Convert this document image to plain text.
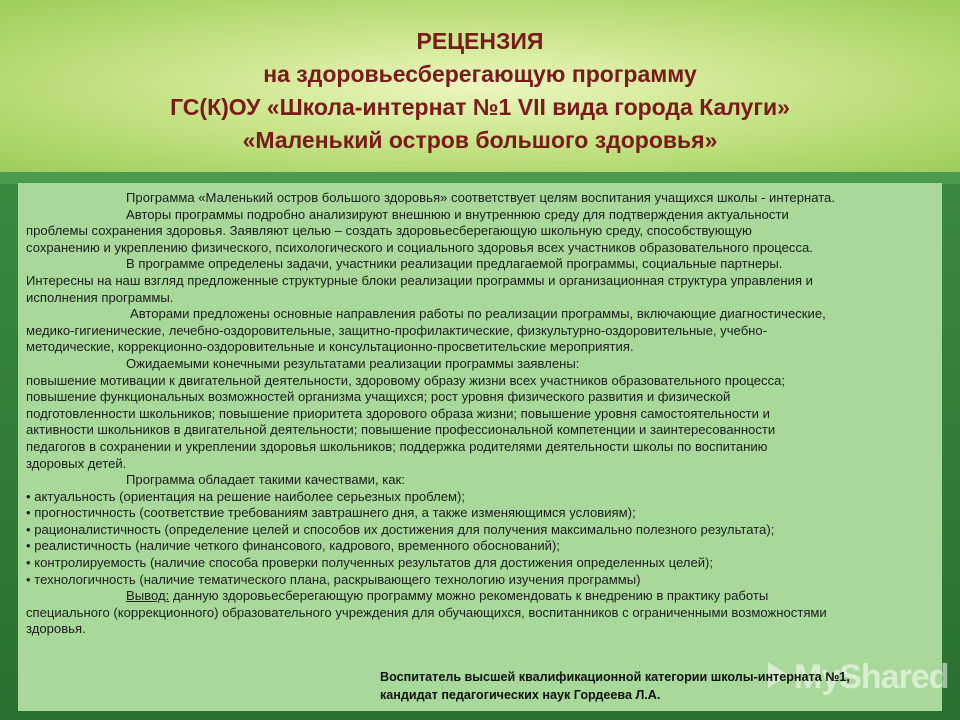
РЕЦЕНЗИЯ
на здоровьесберегающую программу
ГС(К)ОУ «Школа-интернат №1 VII вида города Калуги»
«Маленький остров большого здоровья»
Программа «Маленький остров большого здоровья» соответствует целям воспитания учащихся школы - интерната.
Авторы программы подробно анализируют внешнюю и внутреннюю среду для подтверждения актуальности
проблемы сохранения здоровья. Заявляют целью – создать здоровьесберегающую школьную среду, способствующую
сохранению и укреплению физического, психологического и социального здоровья всех участников образовательного процесса.
В программе определены задачи, участники реализации предлагаемой программы, социальные партнеры.
Интересны на наш взгляд предложенные структурные блоки реализации программы и организационная структура управления и
исполнения программы.
Авторами предложены основные направления работы по реализации программы, включающие диагностические,
медико-гигиенические, лечебно-оздоровительные, защитно-профилактические, физкультурно-оздоровительные, учебно-
методические, коррекционно-оздоровительные и консультационно-просветительские мероприятия.
Ожидаемыми конечными результатами реализации программы заявлены:
повышение мотивации к двигательной деятельности, здоровому образу жизни всех участников образовательного процесса;
повышение функциональных возможностей организма учащихся; рост уровня физического развития и физической
подготовленности школьников; повышение приоритета здорового образа жизни; повышение уровня самостоятельности и
активности школьников в двигательной деятельности; повышение профессиональной компетенции и заинтересованности
педагогов в сохранении и укреплении здоровья школьников; поддержка родителями деятельности школы по воспитанию
здоровых детей.
Программа обладает такими качествами, как:
• актуальность (ориентация на решение наиболее серьезных проблем);
• прогностичность (соответствие требованиям завтрашнего дня, а также изменяющимся условиям);
• рационалистичность (определение целей и способов их достижения для получения максимально полезного результата);
• реалистичность (наличие четкого финансового, кадрового, временного обоснований);
• контролируемость (наличие способа проверки полученных результатов для достижения определенных целей);
• технологичность (наличие тематического плана, раскрывающего технологию изучения программы)
Вывод: данную здоровьесберегающую программу можно рекомендовать к внедрению в практику работы
специального (коррекционного) образовательного учреждения для обучающихся, воспитанников с ограниченными возможностями
здоровья.
MyShared
Воспитатель высшей квалификационной категории школы-интерната №1,
кандидат педагогических наук Гордеева Л.А.
